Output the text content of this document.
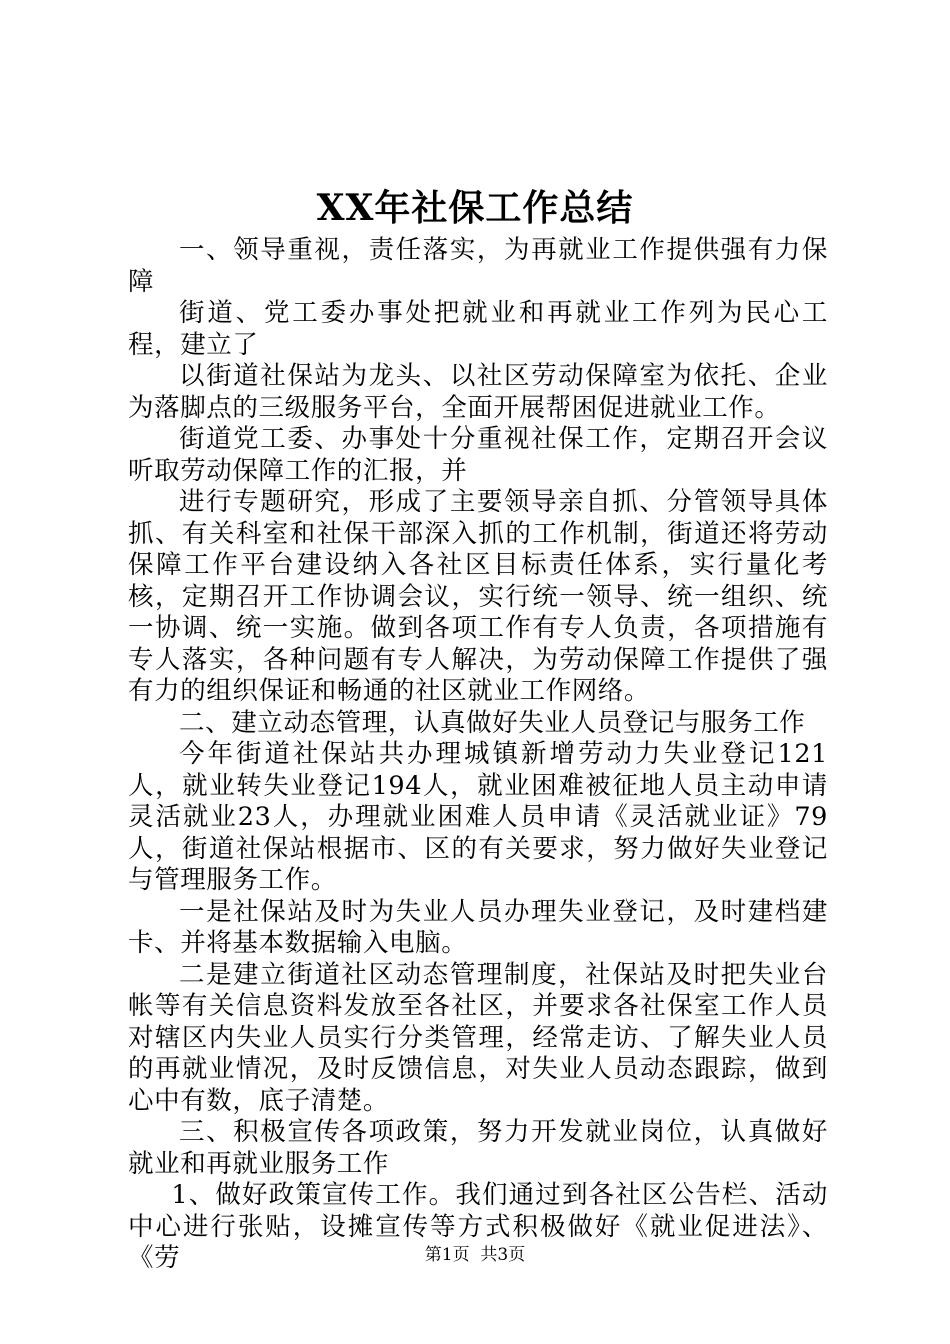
XX年社保工作总结

一、领导重视，责任落实，为再就业工作提供强有力保障

街道、党工委办事处把就业和再就业工作列为民心工程，建立了

以街道社保站为龙头、以社区劳动保障室为依托、企业为落脚点的三级服务平台，全面开展帮困促进就业工作。

街道党工委、办事处十分重视社保工作，定期召开会议听取劳动保障工作的汇报，并

进行专题研究，形成了主要领导亲自抓、分管领导具体抓、有关科室和社保干部深入抓的工作机制，街道还将劳动保障工作平台建设纳入各社区目标责任体系，实行量化考核，定期召开工作协调会议，实行统一领导、统一组织、统一协调、统一实施。做到各项工作有专人负责，各项措施有专人落实，各种问题有专人解决，为劳动保障工作提供了强有力的组织保证和畅通的社区就业工作网络。

二、建立动态管理，认真做好失业人员登记与服务工作

今年街道社保站共办理城镇新增劳动力失业登记121人，就业转失业登记194人，就业困难被征地人员主动申请灵活就业23人，办理就业困难人员申请《灵活就业证》79人，街道社保站根据市、区的有关要求，努力做好失业登记与管理服务工作。

一是社保站及时为失业人员办理失业登记，及时建档建卡、并将基本数据输入电脑。

二是建立街道社区动态管理制度，社保站及时把失业台帐等有关信息资料发放至各社区，并要求各社保室工作人员对辖区内失业人员实行分类管理，经常走访、了解失业人员的再就业情况，及时反馈信息，对失业人员动态跟踪，做到心中有数，底子清楚。

三、积极宣传各项政策，努力开发就业岗位，认真做好就业和再就业服务工作

1、做好政策宣传工作。我们通过到各社区公告栏、活动中心进行张贴，设摊宣传等方式积极做好《就业促进法》、《劳	第1页 共3页
